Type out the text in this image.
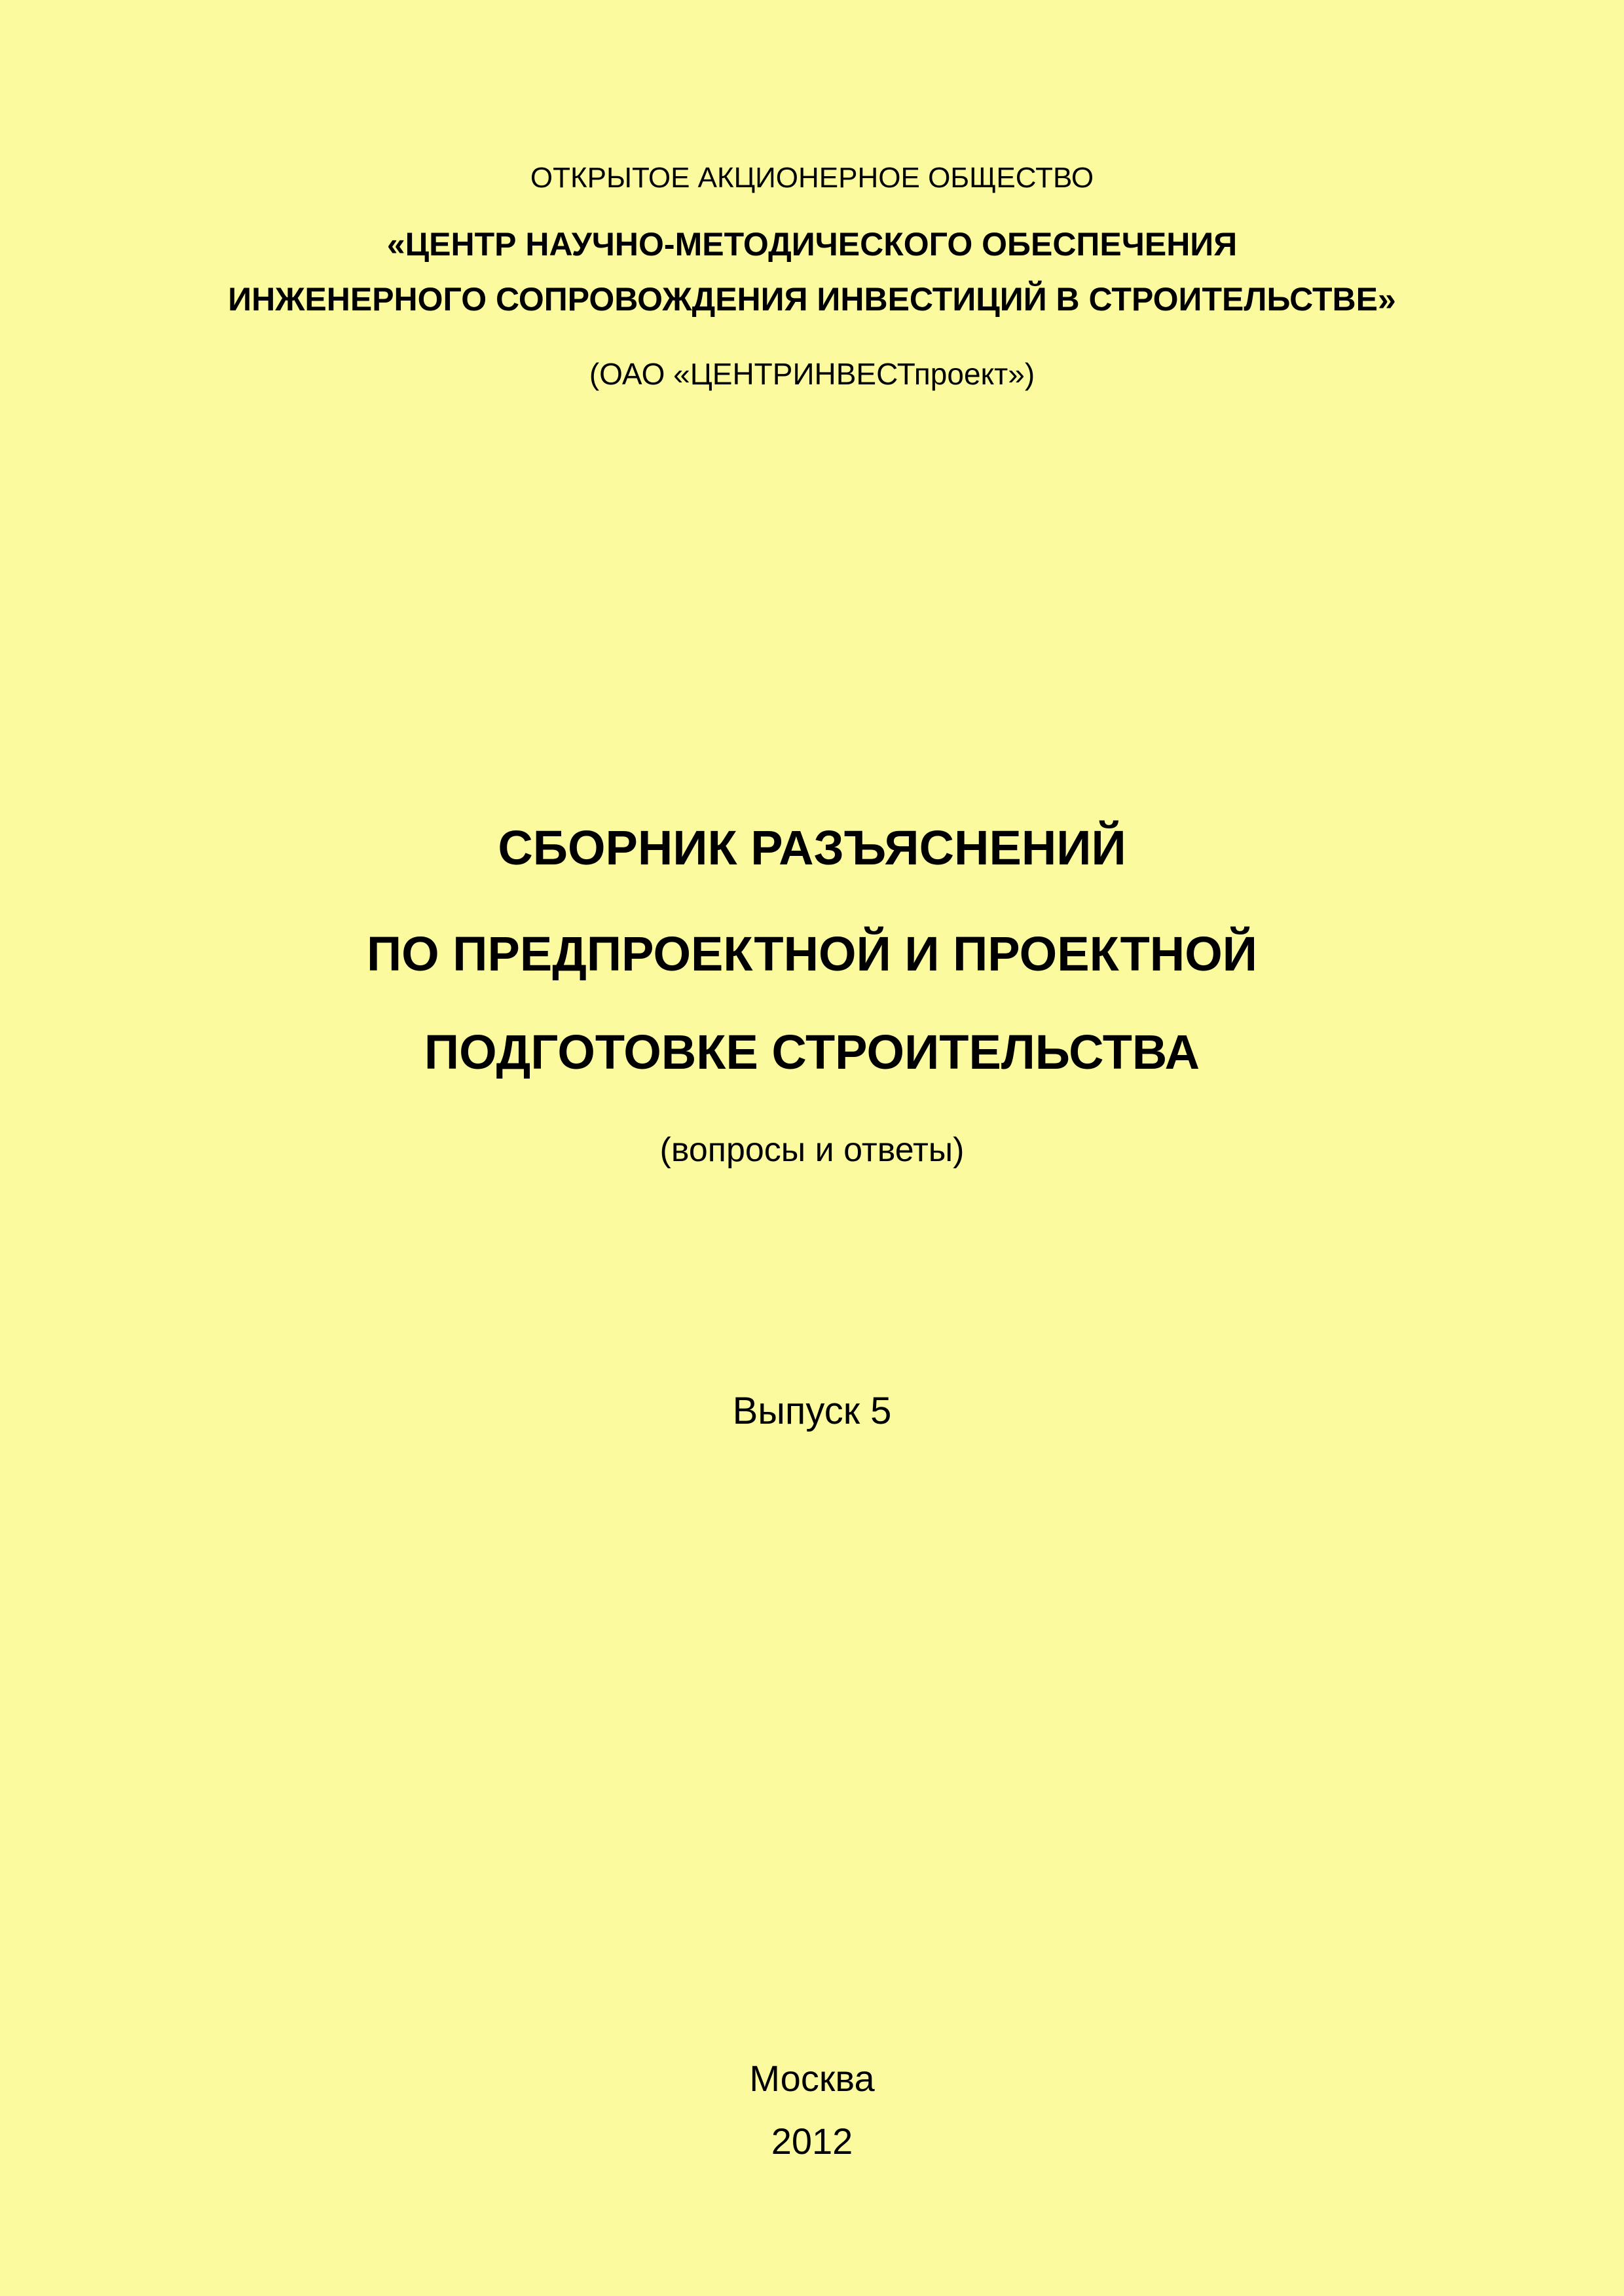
ОТКРЫТОЕ АКЦИОНЕРНОЕ ОБЩЕСТВО
«ЦЕНТР НАУЧНО-МЕТОДИЧЕСКОГО ОБЕСПЕЧЕНИЯ
ИНЖЕНЕРНОГО СОПРОВОЖДЕНИЯ ИНВЕСТИЦИЙ В СТРОИТЕЛЬСТВЕ»
(ОАО «ЦЕНТРИНВЕСТпроект»)
СБОРНИК РАЗЪЯСНЕНИЙ
ПО ПРЕДПРОЕКТНОЙ И ПРОЕКТНОЙ
ПОДГОТОВКЕ СТРОИТЕЛЬСТВА
(вопросы и ответы)
Выпуск 5
Москва
2012
